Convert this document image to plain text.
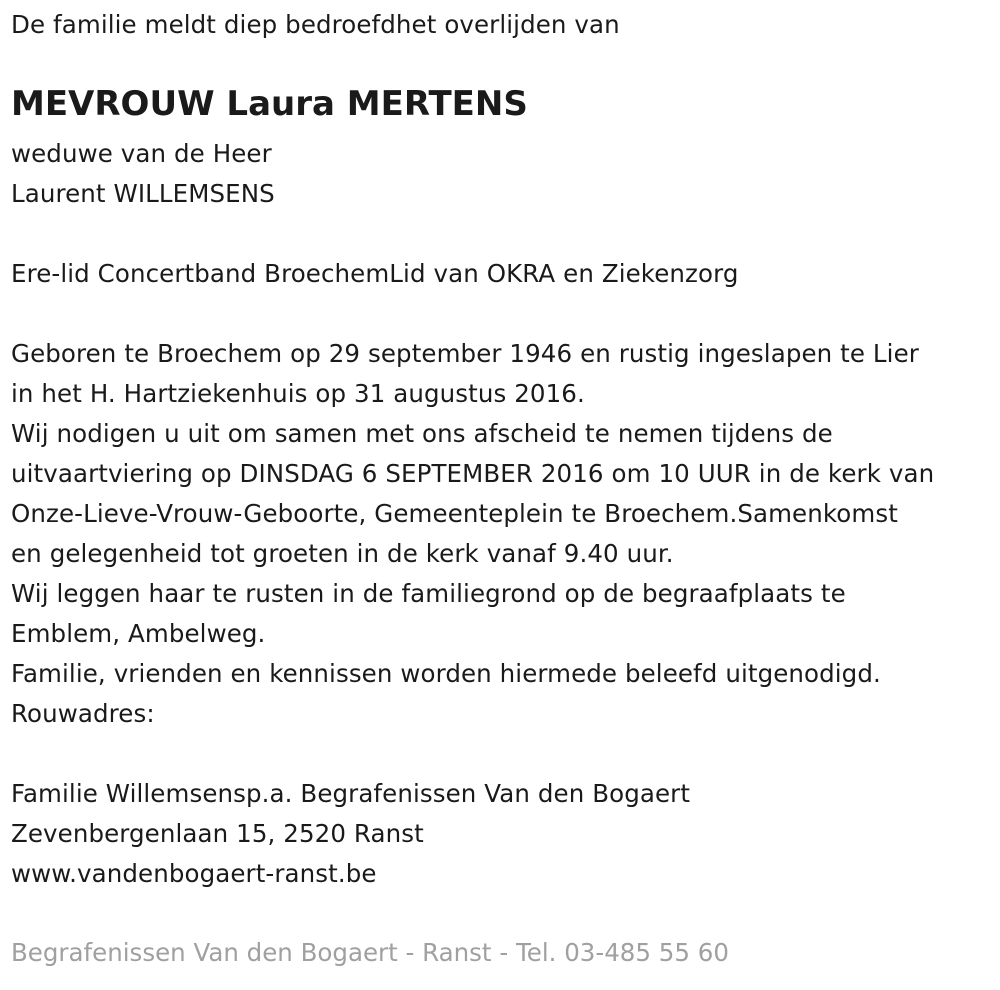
De familie meldt diep bedroefdhet overlijden van
MEVROUW Laura MERTENS
weduwe van de Heer
Laurent WILLEMSENS
Ere-lid Concertband BroechemLid van OKRA en Ziekenzorg
Geboren te Broechem op 29 september 1946 en rustig ingeslapen te Lier
in het H. Hartziekenhuis op 31 augustus 2016.
Wij nodigen u uit om samen met ons afscheid te nemen tijdens de
uitvaartviering op DINSDAG 6 SEPTEMBER 2016 om 10 UUR in de kerk van
Onze-Lieve-Vrouw-Geboorte, Gemeenteplein te Broechem.Samenkomst
en gelegenheid tot groeten in de kerk vanaf 9.40 uur.
Wij leggen haar te rusten in de familiegrond op de begraafplaats te
Emblem, Ambelweg.
Familie, vrienden en kennissen worden hiermede beleefd uitgenodigd.
Rouwadres:
Familie Willemsensp.a. Begrafenissen Van den Bogaert
Zevenbergenlaan 15, 2520 Ranst
www.vandenbogaert-ranst.be
Begrafenissen Van den Bogaert - Ranst - Tel. 03-485 55 60
